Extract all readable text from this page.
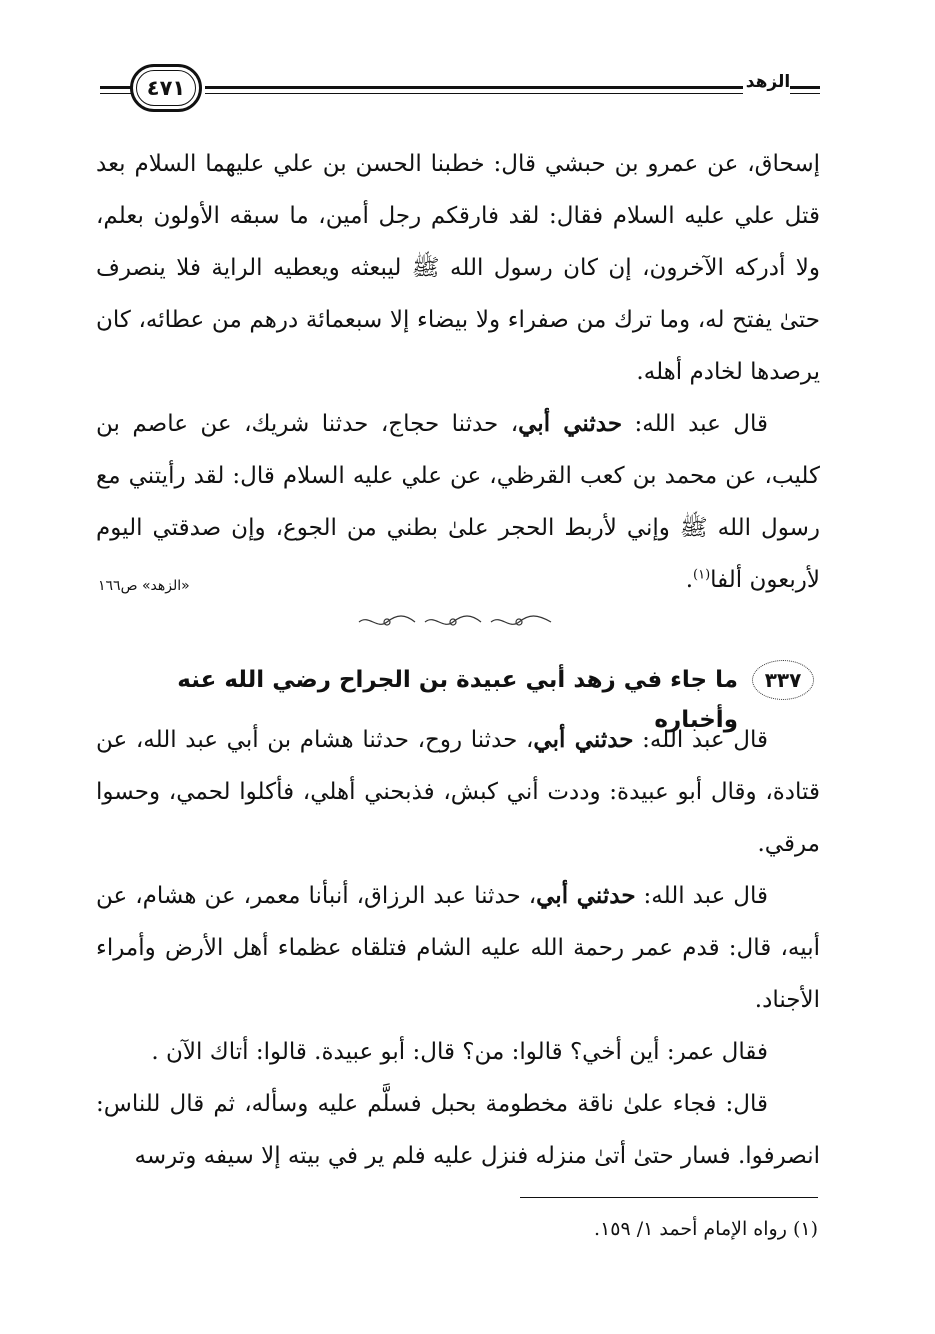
٤٧١	الزهد

إسحاق، عن عمرو بن حبشي قال: خطبنا الحسن بن علي عليهما السلام بعد قتل علي عليه السلام فقال: لقد فارقكم رجل أمين، ما سبقه الأولون بعلم، ولا أدركه الآخرون، إن كان رسول الله ﷺ ليبعثه ويعطيه الراية فلا ينصرف حتىٰ يفتح له، وما ترك من صفراء ولا بيضاء إلا سبعمائة درهم من عطائه، كان يرصدها لخادم أهله.

قال عبد الله: حدثني أبي، حدثنا حجاج، حدثنا شريك، عن عاصم بن كليب، عن محمد بن كعب القرظي، عن علي عليه السلام قال: لقد رأيتني مع رسول الله ﷺ وإني لأربط الحجر علىٰ بطني من الجوع، وإن صدقتي اليوم لأربعون ألفا$^{(١)}$.

«الزهد» ص١٦٦
٣٣٧
ما جاء في زهد أبي عبيدة بن الجراح رضي الله عنه وأخباره

قال عبد الله: حدثني أبي، حدثنا روح، حدثنا هشام بن أبي عبد الله، عن قتادة، وقال أبو عبيدة: وددت أني كبش، فذبحني أهلي، فأكلوا لحمي، وحسوا مرقي.

قال عبد الله: حدثني أبي، حدثنا عبد الرزاق، أنبأنا معمر، عن هشام، عن أبيه، قال: قدم عمر رحمة الله عليه الشام فتلقاه عظماء أهل الأرض وأمراء الأجناد.

فقال عمر: أين أخي؟ قالوا: من؟ قال: أبو عبيدة. قالوا: أتاك الآن .

قال: فجاء علىٰ ناقة مخطومة بحبل فسلَّم عليه وسأله، ثم قال للناس: انصرفوا. فسار حتىٰ أتىٰ منزله فنزل عليه فلم ير في بيته إلا سيفه وترسه

(١) رواه الإمام أحمد ١/ ١٥٩.
